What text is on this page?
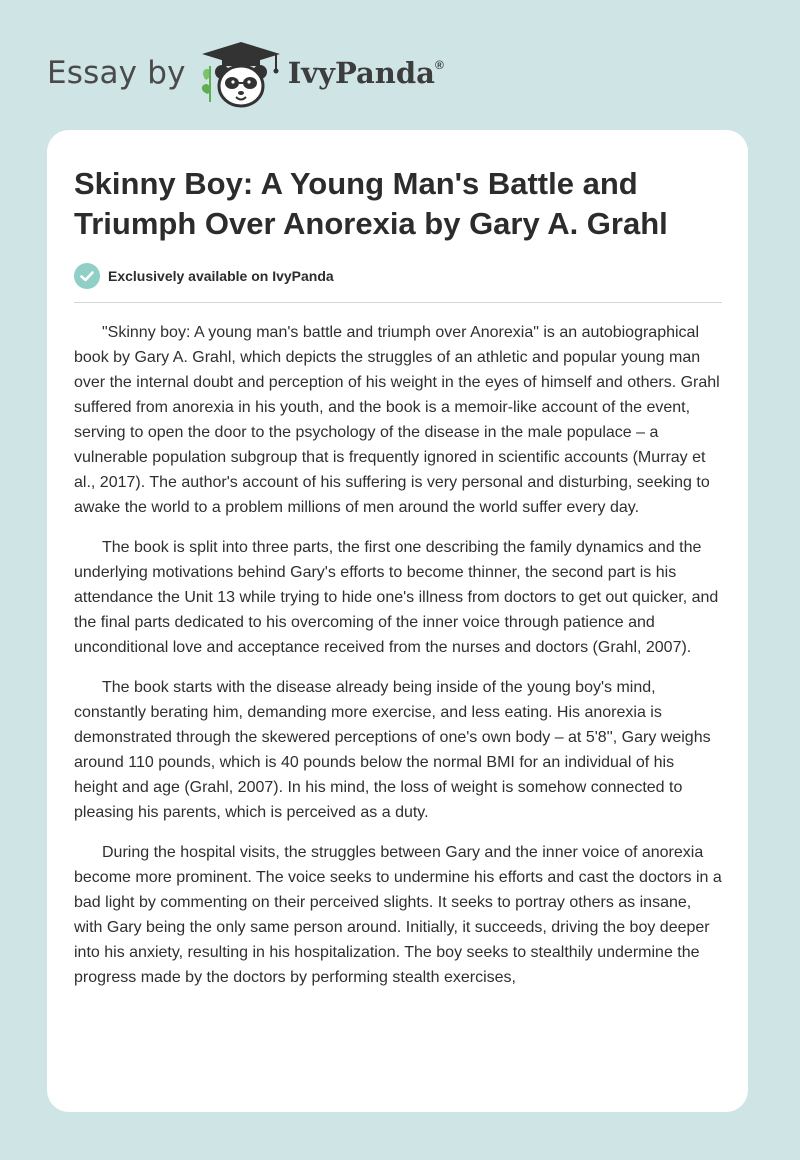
Essay by	IvyPanda®
Skinny Boy: A Young Man's Battle and Triumph Over Anorexia by Gary A. Grahl
Exclusively available on IvyPanda

"Skinny boy: A young man's battle and triumph over Anorexia" is an autobiographical book by Gary A. Grahl, which depicts the struggles of an athletic and popular young man over the internal doubt and perception of his weight in the eyes of himself and others. Grahl suffered from anorexia in his youth, and the book is a memoir-like account of the event, serving to open the door to the psychology of the disease in the male populace – a vulnerable population subgroup that is frequently ignored in scientific accounts (Murray et al., 2017). The author's account of his suffering is very personal and disturbing, seeking to awake the world to a problem millions of men around the world suffer every day.

The book is split into three parts, the first one describing the family dynamics and the underlying motivations behind Gary's efforts to become thinner, the second part is his attendance the Unit 13 while trying to hide one's illness from doctors to get out quicker, and the final parts dedicated to his overcoming of the inner voice through patience and unconditional love and acceptance received from the nurses and doctors (Grahl, 2007).

The book starts with the disease already being inside of the young boy's mind, constantly berating him, demanding more exercise, and less eating. His anorexia is demonstrated through the skewered perceptions of one's own body – at 5'8'', Gary weighs around 110 pounds, which is 40 pounds below the normal BMI for an individual of his height and age (Grahl, 2007). In his mind, the loss of weight is somehow connected to pleasing his parents, which is perceived as a duty.

During the hospital visits, the struggles between Gary and the inner voice of anorexia become more prominent. The voice seeks to undermine his efforts and cast the doctors in a bad light by commenting on their perceived slights. It seeks to portray others as insane, with Gary being the only same person around. Initially, it succeeds, driving the boy deeper into his anxiety, resulting in his hospitalization. The boy seeks to stealthily undermine the progress made by the doctors by performing stealth exercises,
